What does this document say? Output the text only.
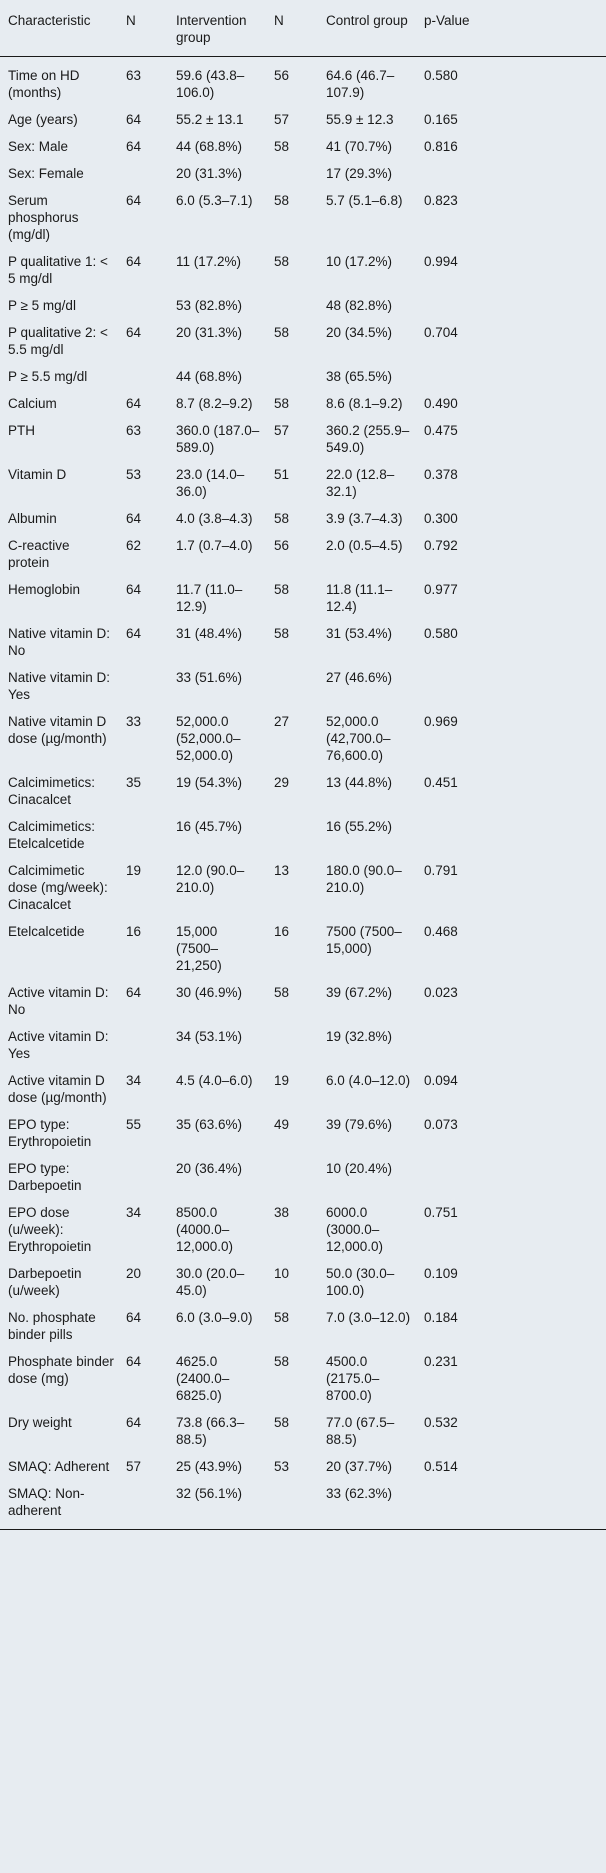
Characteristic	N	Intervention group	N	Control group	p-Value
Time on HD (months)	63	59.6 (43.8–106.0)	56	64.6 (46.7–107.9)	0.580
Age (years)	64	55.2 ± 13.1	57	55.9 ± 12.3	0.165
Sex: Male	64	44 (68.8%)	58	41 (70.7%)	0.816
Sex: Female		20 (31.3%)		17 (29.3%)	
Serum phosphorus (mg/dl)	64	6.0 (5.3–7.1)	58	5.7 (5.1–6.8)	0.823
P qualitative 1: < 5 mg/dl	64	11 (17.2%)	58	10 (17.2%)	0.994
P ≥ 5 mg/dl		53 (82.8%)		48 (82.8%)	
P qualitative 2: < 5.5 mg/dl	64	20 (31.3%)	58	20 (34.5%)	0.704
P ≥ 5.5 mg/dl		44 (68.8%)		38 (65.5%)	
Calcium	64	8.7 (8.2–9.2)	58	8.6 (8.1–9.2)	0.490
PTH	63	360.0 (187.0–589.0)	57	360.2 (255.9–549.0)	0.475
Vitamin D	53	23.0 (14.0–36.0)	51	22.0 (12.8–32.1)	0.378
Albumin	64	4.0 (3.8–4.3)	58	3.9 (3.7–4.3)	0.300
C-reactive protein	62	1.7 (0.7–4.0)	56	2.0 (0.5–4.5)	0.792
Hemoglobin	64	11.7 (11.0–12.9)	58	11.8 (11.1–12.4)	0.977
Native vitamin D: No	64	31 (48.4%)	58	31 (53.4%)	0.580
Native vitamin D: Yes		33 (51.6%)		27 (46.6%)	
Native vitamin D dose (µg/month)	33	52,000.0 (52,000.0–52,000.0)	27	52,000.0 (42,700.0–76,600.0)	0.969
Calcimimetics: Cinacalcet	35	19 (54.3%)	29	13 (44.8%)	0.451
Calcimimetics: Etelcalcetide		16 (45.7%)		16 (55.2%)	
Calcimimetic dose (mg/week): Cinacalcet	19	12.0 (90.0–210.0)	13	180.0 (90.0–210.0)	0.791
Etelcalcetide	16	15,000 (7500–21,250)	16	7500 (7500–15,000)	0.468
Active vitamin D: No	64	30 (46.9%)	58	39 (67.2%)	0.023
Active vitamin D: Yes		34 (53.1%)		19 (32.8%)	
Active vitamin D dose (µg/month)	34	4.5 (4.0–6.0)	19	6.0 (4.0–12.0)	0.094
EPO type: Erythropoietin	55	35 (63.6%)	49	39 (79.6%)	0.073
EPO type: Darbepoetin		20 (36.4%)		10 (20.4%)	
EPO dose (u/week): Erythropoietin	34	8500.0 (4000.0–12,000.0)	38	6000.0 (3000.0–12,000.0)	0.751
Darbepoetin (u/week)	20	30.0 (20.0–45.0)	10	50.0 (30.0–100.0)	0.109
No. phosphate binder pills	64	6.0 (3.0–9.0)	58	7.0 (3.0–12.0)	0.184
Phosphate binder dose (mg)	64	4625.0 (2400.0–6825.0)	58	4500.0 (2175.0–8700.0)	0.231
Dry weight	64	73.8 (66.3–88.5)	58	77.0 (67.5–88.5)	0.532
SMAQ: Adherent	57	25 (43.9%)	53	20 (37.7%)	0.514
SMAQ: Non-adherent		32 (56.1%)		33 (62.3%)	
